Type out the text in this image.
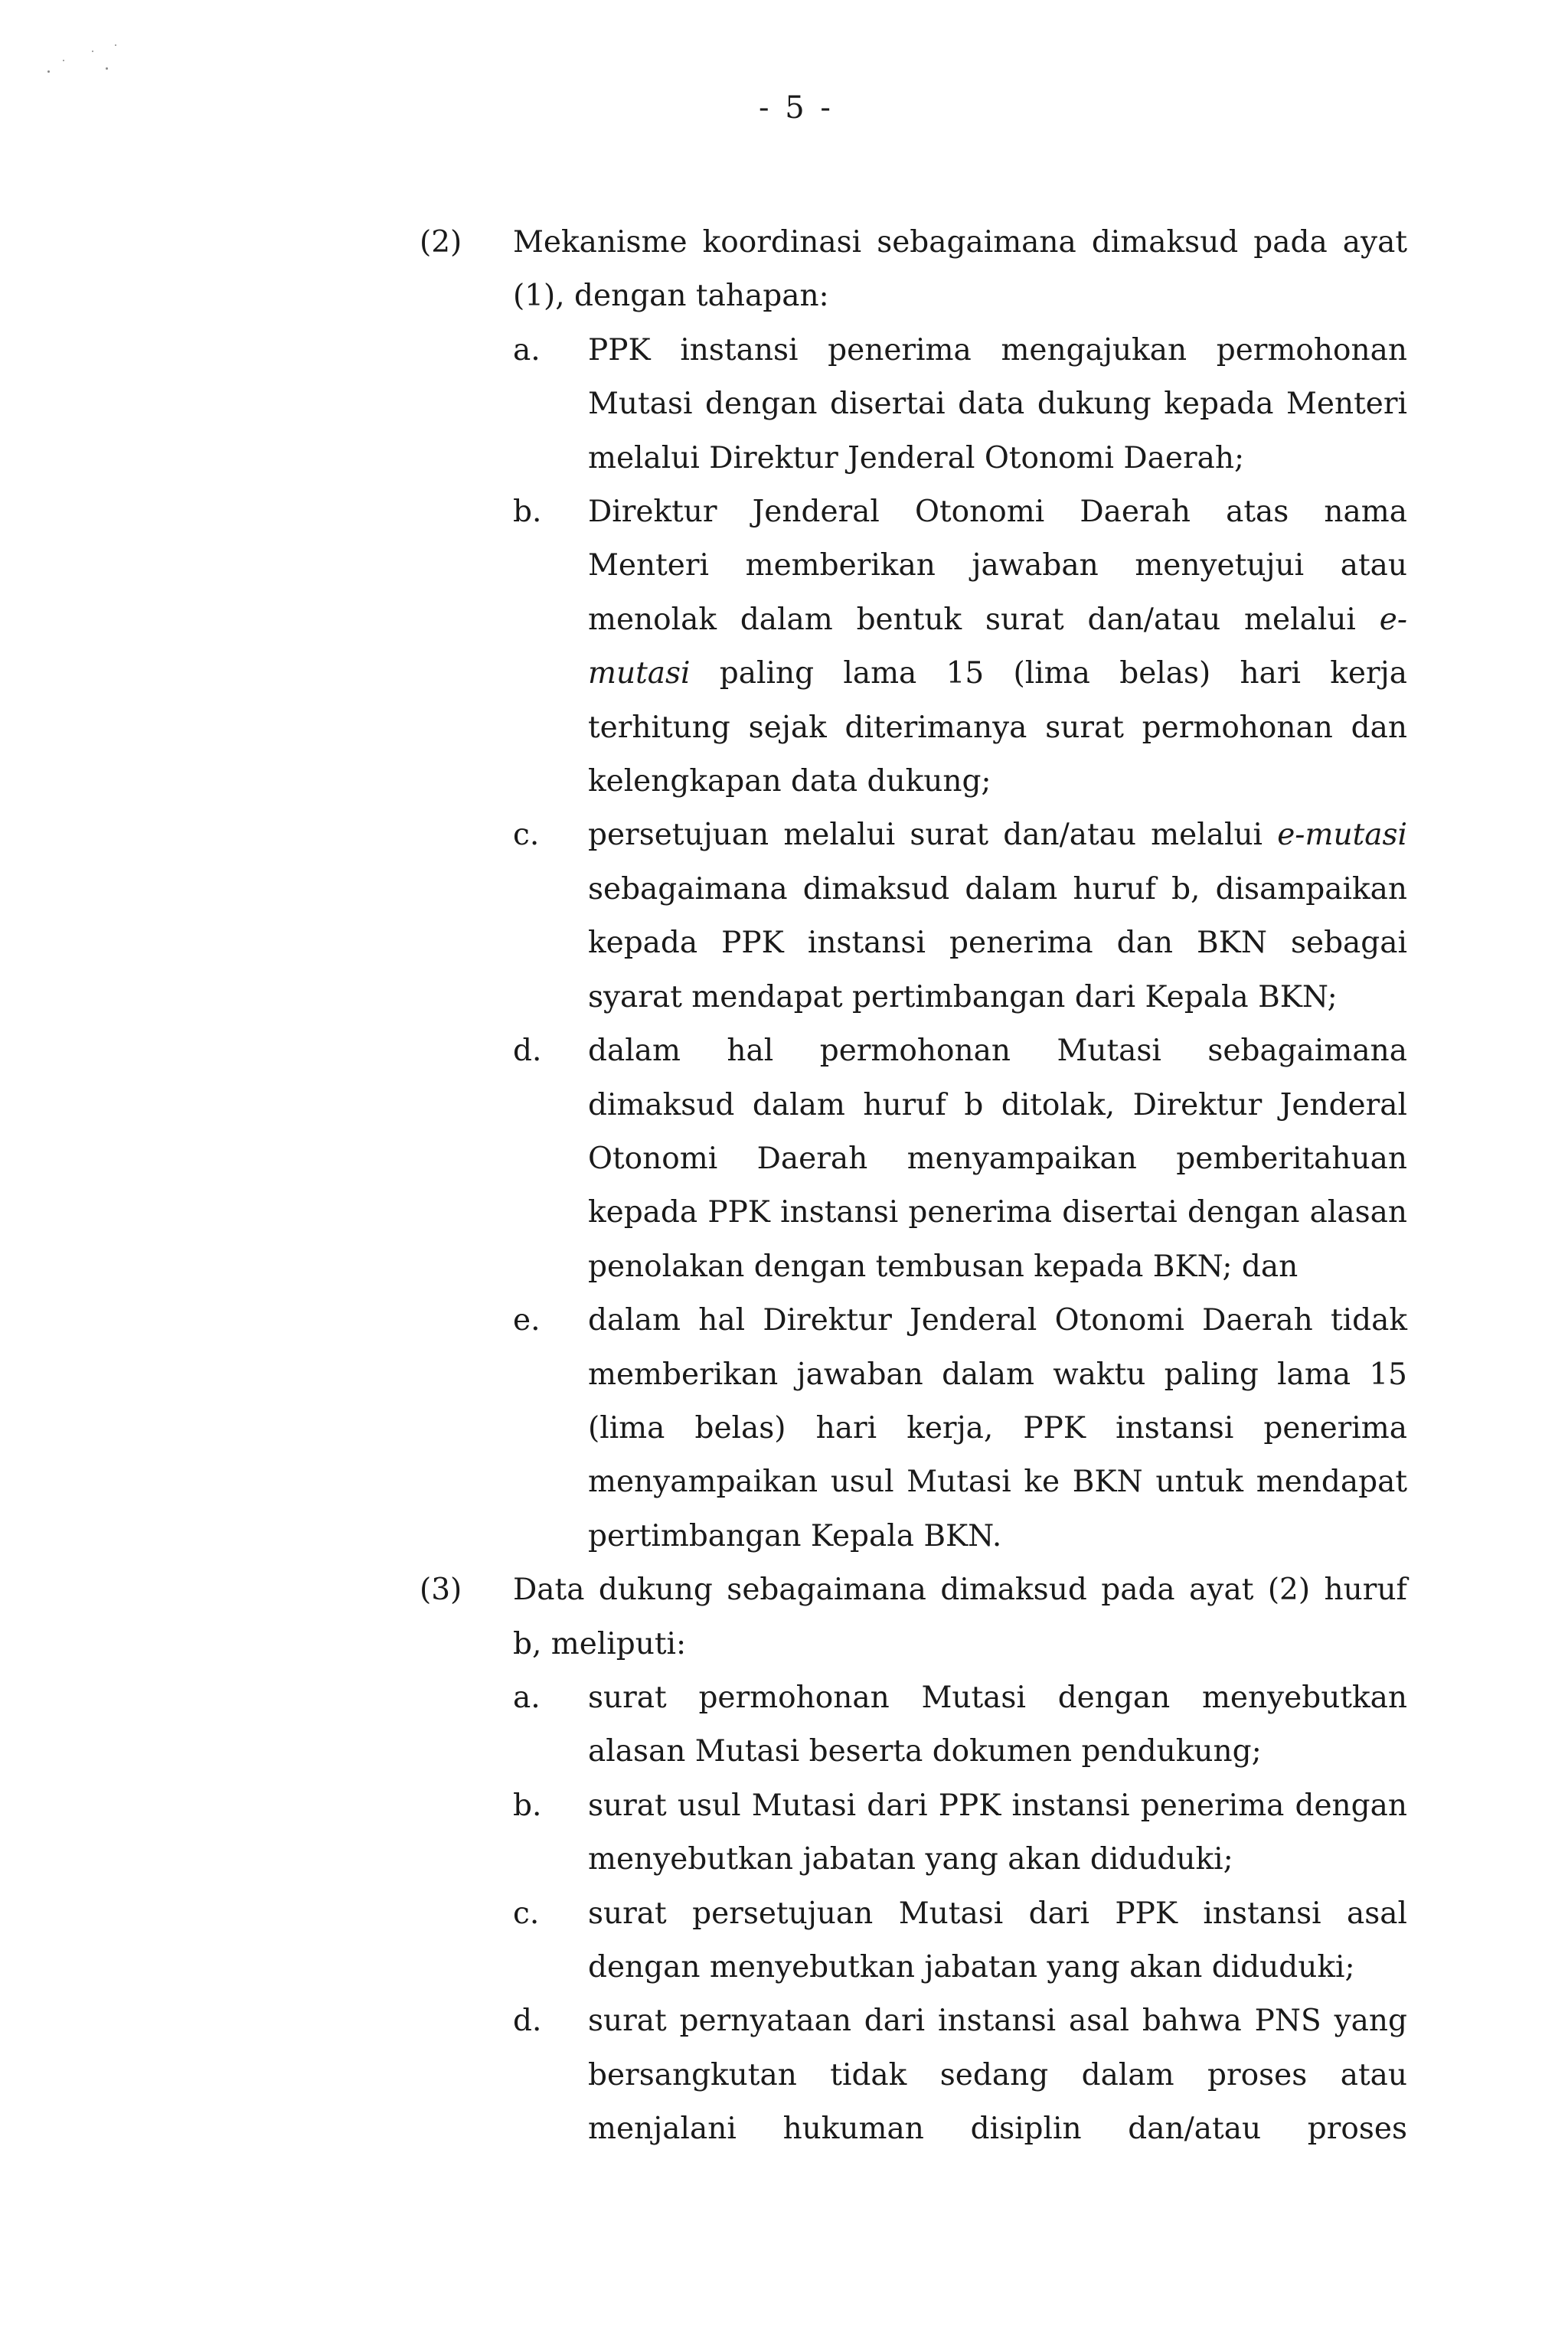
- 5 -
(2) Mekanisme koordinasi sebagaimana dimaksud pada ayat (1), dengan tahapan:
a. PPK instansi penerima mengajukan permohonan Mutasi dengan disertai data dukung kepada Menteri melalui Direktur Jenderal Otonomi Daerah;
b. Direktur Jenderal Otonomi Daerah atas nama Menteri memberikan jawaban menyetujui atau menolak dalam bentuk surat dan/atau melalui e-mutasi paling lama 15 (lima belas) hari kerja terhitung sejak diterimanya surat permohonan dan kelengkapan data dukung;
c. persetujuan melalui surat dan/atau melalui e-mutasi sebagaimana dimaksud dalam huruf b, disampaikan kepada PPK instansi penerima dan BKN sebagai syarat mendapat pertimbangan dari Kepala BKN;
d. dalam hal permohonan Mutasi sebagaimana dimaksud dalam huruf b ditolak, Direktur Jenderal Otonomi Daerah menyampaikan pemberitahuan kepada PPK instansi penerima disertai dengan alasan penolakan dengan tembusan kepada BKN; dan
e. dalam hal Direktur Jenderal Otonomi Daerah tidak memberikan jawaban dalam waktu paling lama 15 (lima belas) hari kerja, PPK instansi penerima menyampaikan usul Mutasi ke BKN untuk mendapat pertimbangan Kepala BKN.
(3) Data dukung sebagaimana dimaksud pada ayat (2) huruf b, meliputi:
a. surat permohonan Mutasi dengan menyebutkan alasan Mutasi beserta dokumen pendukung;
b. surat usul Mutasi dari PPK instansi penerima dengan menyebutkan jabatan yang akan diduduki;
c. surat persetujuan Mutasi dari PPK instansi asal dengan menyebutkan jabatan yang akan diduduki;
d. surat pernyataan dari instansi asal bahwa PNS yang bersangkutan tidak sedang dalam proses atau menjalani hukuman disiplin dan/atau proses
